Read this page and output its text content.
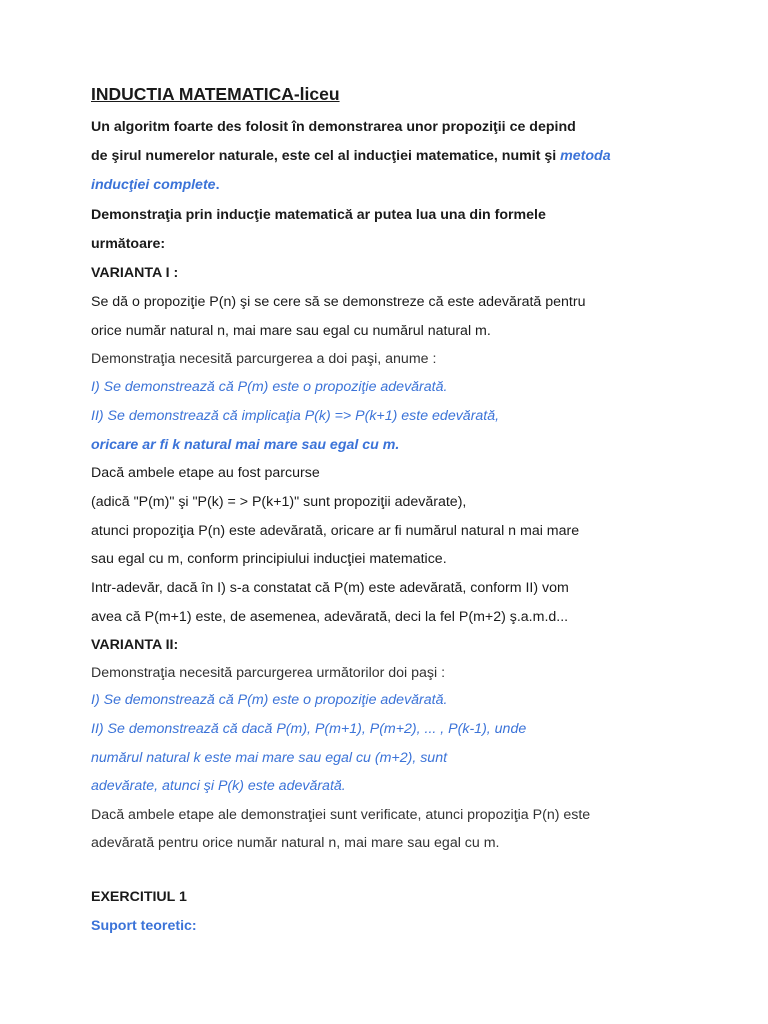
INDUCTIA MATEMATICA-liceu
Un algoritm foarte des folosit în demonstrarea unor propoziţii ce depind
de şirul numerelor naturale, este cel al inducţiei matematice, numit şi metoda
inducţiei complete.
Demonstraţia prin inducţie matematică ar putea lua una din formele
următoare:
VARIANTA I :
Se dă o propoziţie P(n) şi se cere să se demonstreze că este adevărată pentru
orice număr natural n, mai mare sau egal cu numărul natural m.
Demonstraţia necesită parcurgerea a doi paşi, anume :
I) Se demonstrează că P(m) este o propoziţie adevărată.
II) Se demonstrează că implicaţia P(k) => P(k+1) este edevărată,
oricare ar fi k natural mai mare sau egal cu m.
Dacă ambele etape au fost parcurse
(adică "P(m)" şi "P(k) = > P(k+1)" sunt propoziţii adevărate),
atunci propoziţia P(n) este adevărată, oricare ar fi numărul natural n mai mare
sau egal cu m, conform principiului inducţiei matematice.
Intr-adevăr, dacă în I) s-a constatat că P(m) este adevărată, conform II) vom
avea că P(m+1) este, de asemenea, adevărată, deci la fel P(m+2) ş.a.m.d...
VARIANTA II:
Demonstraţia necesită parcurgerea următorilor doi paşi :
I) Se demonstrează că P(m) este o propoziţie adevărată.
II) Se demonstrează că dacă P(m), P(m+1), P(m+2), ... , P(k-1), unde
numărul natural k este mai mare sau egal cu (m+2), sunt
adevărate, atunci şi P(k) este adevărată.
Dacă ambele etape ale demonstraţiei sunt verificate, atunci propoziţia P(n) este
adevărată pentru orice număr natural n, mai mare sau egal cu m.
EXERCITIUL 1
Suport teoretic:
